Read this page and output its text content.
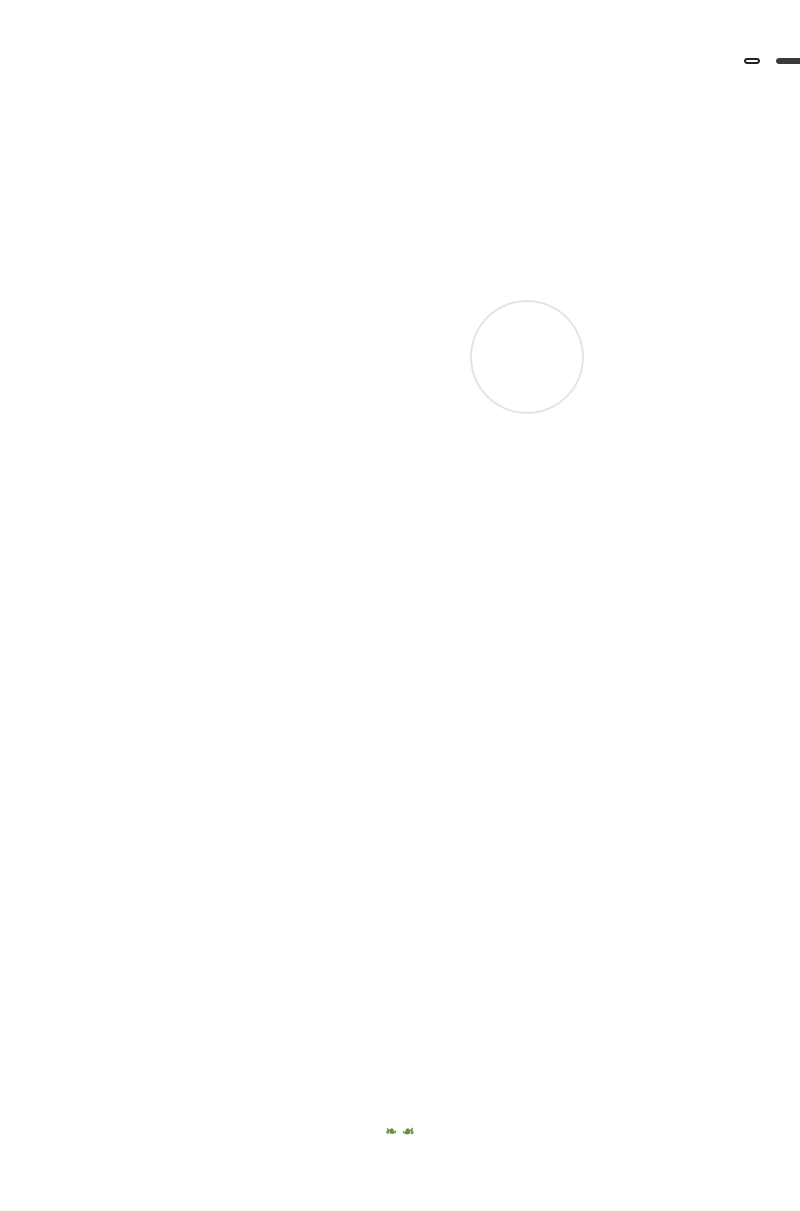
❧ ☙
